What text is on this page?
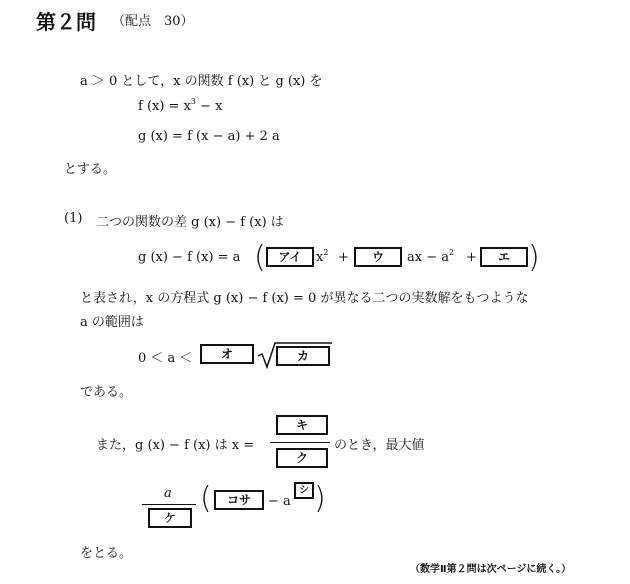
第２問 （配点　30）
a ＞ 0 として，x の関数 f (x) と g (x) を
f $(x) = x^3 - x$
g (x) = f (x − a) + 2 a
とする。
(1) 二つの関数の差 g (x) − f (x) は
g (x) − f (x) = a (	アイ	$x^2$ +	ウ	ax − $a^2$ +	エ )
と表され，x の方程式 g (x) − f (x) = 0 が異なる二つの実数解をもつような
a の範囲は
0 ＜ a ＜	オ	カ
である。
また，g (x) − f (x) は x =
キ
ク
のとき，最大値
a
ケ
(	コサ	− a
シ )
をとる。
（数学Ⅱ第２問は次ページに続く。）
